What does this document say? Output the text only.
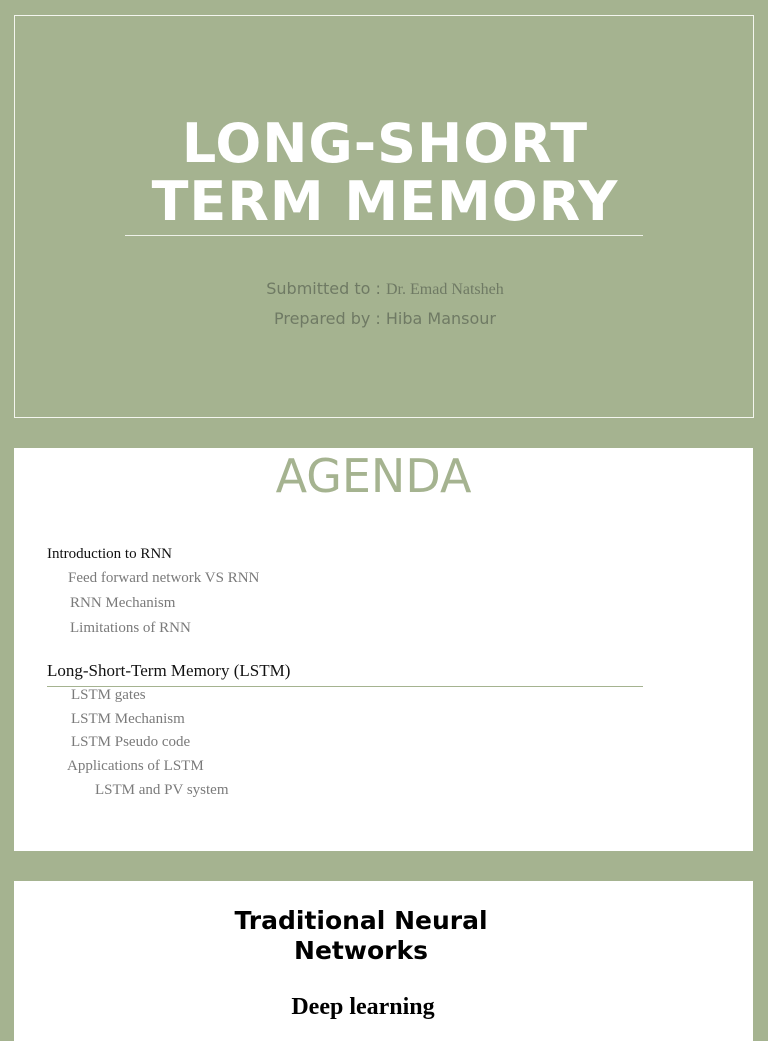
LONG-SHORT
TERM MEMORY
Submitted to : Dr. Emad Natsheh
Prepared by : Hiba Mansour
AGENDA
Introduction to RNN
Feed forward network VS RNN
RNN Mechanism
Limitations of RNN
Long-Short-Term Memory (LSTM)
LSTM gates
LSTM Mechanism
LSTM Pseudo code
Applications of LSTM
LSTM and PV system
Traditional Neural
Networks
Deep learning
